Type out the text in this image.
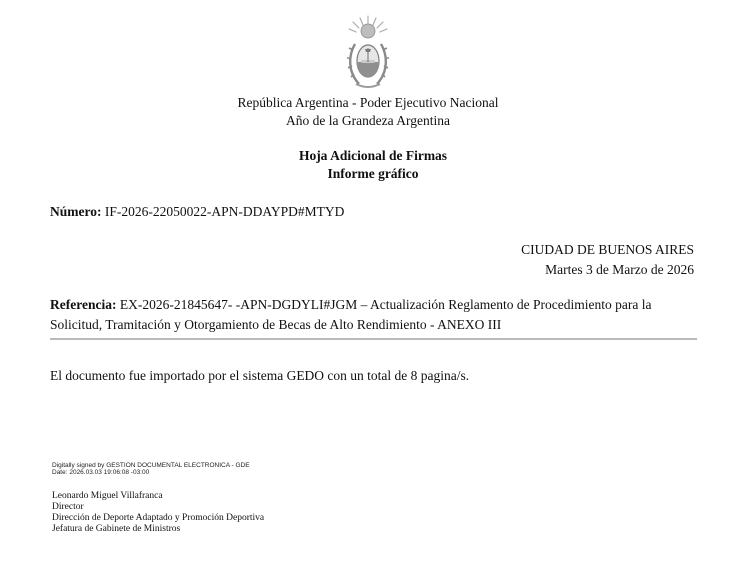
República Argentina - Poder Ejecutivo Nacional
Año de la Grandeza Argentina
Hoja Adicional de Firmas
Informe gráfico
Número: IF-2026-22050022-APN-DDAYPD#MTYD
CIUDAD DE BUENOS AIRES
Martes 3 de Marzo de 2026
Referencia: EX-2026-21845647- -APN-DGDYLI#JGM – Actualización Reglamento de Procedimiento para la Solicitud, Tramitación y Otorgamiento de Becas de Alto Rendimiento - ANEXO III
El documento fue importado por el sistema GEDO con un total de 8 pagina/s.
Digitally signed by GESTION DOCUMENTAL ELECTRONICA - GDE
Date: 2026.03.03 19:06:08 -03:00
Leonardo Miguel Villafranca
Director
Dirección de Deporte Adaptado y Promoción Deportiva
Jefatura de Gabinete de Ministros
